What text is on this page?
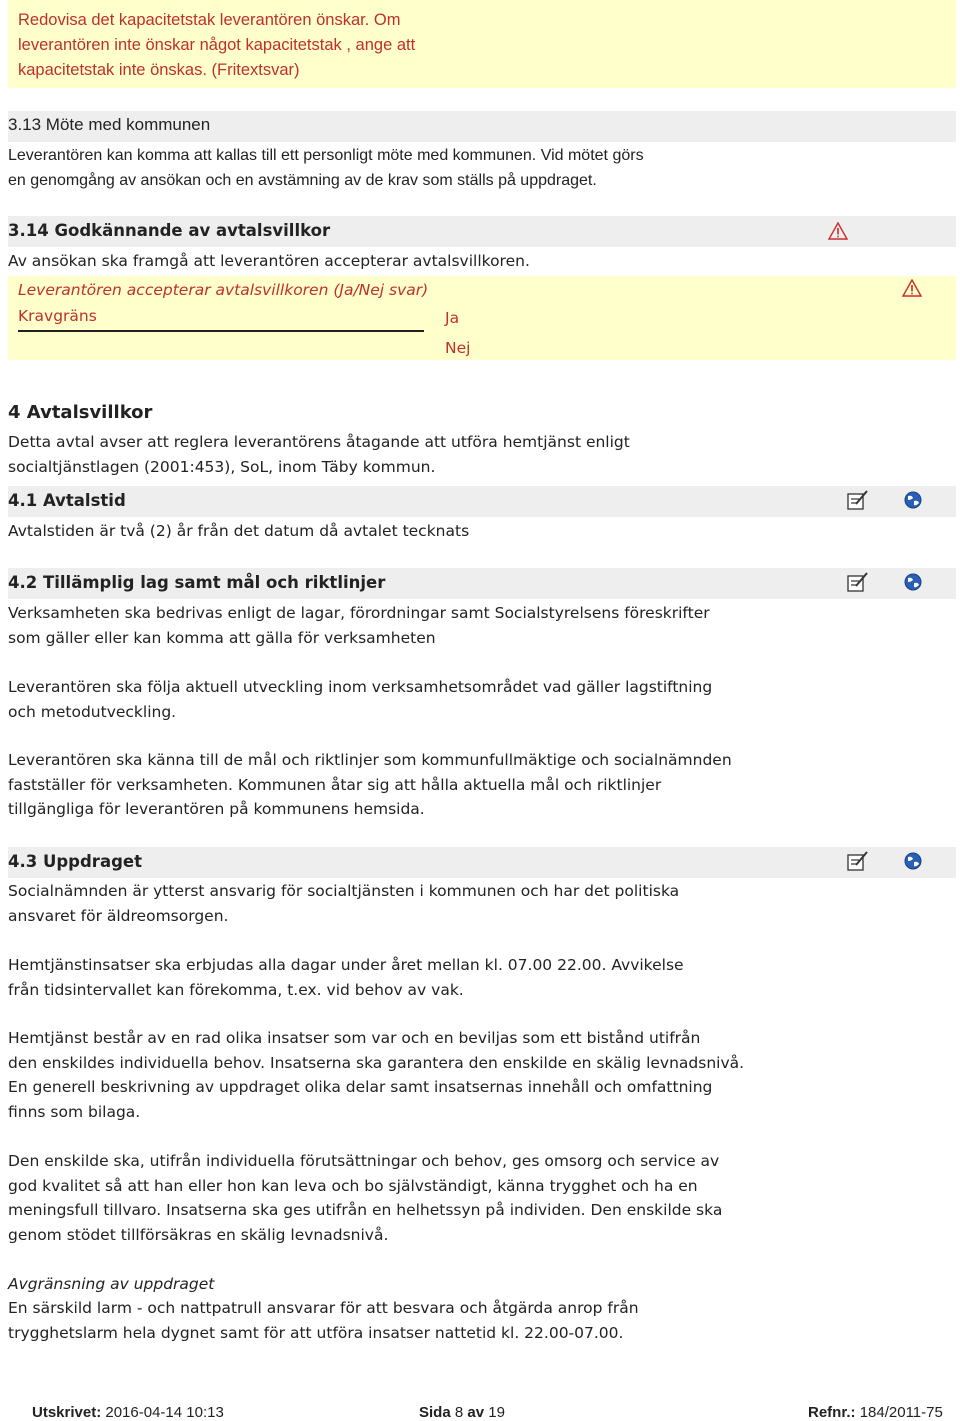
Redovisa det kapacitetstak leverantören önskar. Om
leverantören inte önskar något kapacitetstak , ange att
kapacitetstak inte önskas. (Fritextsvar)
3.13 Möte med kommunen
Leverantören kan komma att kallas till ett personligt möte med kommunen. Vid mötet görs
en genomgång av ansökan och en avstämning av de krav som ställs på uppdraget.
3.14 Godkännande av avtalsvillkor
Av ansökan ska framgå att leverantören accepterar avtalsvillkoren.
Leverantören accepterar avtalsvillkoren (Ja/Nej svar)
Kravgräns	Ja
Nej
4 Avtalsvillkor
Detta avtal avser att reglera leverantörens åtagande att utföra hemtjänst enligt
socialtjänstlagen (2001:453), SoL, inom Täby kommun.
4.1 Avtalstid
Avtalstiden är två (2) år från det datum då avtalet tecknats
4.2 Tillämplig lag samt mål och riktlinjer
Verksamheten ska bedrivas enligt de lagar, förordningar samt Socialstyrelsens föreskrifter
som gäller eller kan komma att gälla för verksamheten
Leverantören ska följa aktuell utveckling inom verksamhetsområdet vad gäller lagstiftning
och metodutveckling.
Leverantören ska känna till de mål och riktlinjer som kommunfullmäktige och socialnämnden
fastställer för verksamheten. Kommunen åtar sig att hålla aktuella mål och riktlinjer
tillgängliga för leverantören på kommunens hemsida.
4.3 Uppdraget
Socialnämnden är ytterst ansvarig för socialtjänsten i kommunen och har det politiska
ansvaret för äldreomsorgen.
Hemtjänstinsatser ska erbjudas alla dagar under året mellan kl. 07.00 22.00. Avvikelse
från tidsintervallet kan förekomma, t.ex. vid behov av vak.
Hemtjänst består av en rad olika insatser som var och en beviljas som ett bistånd utifrån
den enskildes individuella behov. Insatserna ska garantera den enskilde en skälig levnadsnivå.
En generell beskrivning av uppdraget olika delar samt insatsernas innehåll och omfattning
finns som bilaga.
Den enskilde ska, utifrån individuella förutsättningar och behov, ges omsorg och service av
god kvalitet så att han eller hon kan leva och bo självständigt, känna trygghet och ha en
meningsfull tillvaro. Insatserna ska ges utifrån en helhetssyn på individen. Den enskilde ska
genom stödet tillförsäkras en skälig levnadsnivå.
Avgränsning av uppdraget
En särskild larm - och nattpatrull ansvarar för att besvara och åtgärda anrop från
trygghetslarm hela dygnet samt för att utföra insatser nattetid kl. 22.00-07.00.
Utskrivet: 2016-04-14 10:13	Sida 8 av 19	Refnr.: 184/2011-75
